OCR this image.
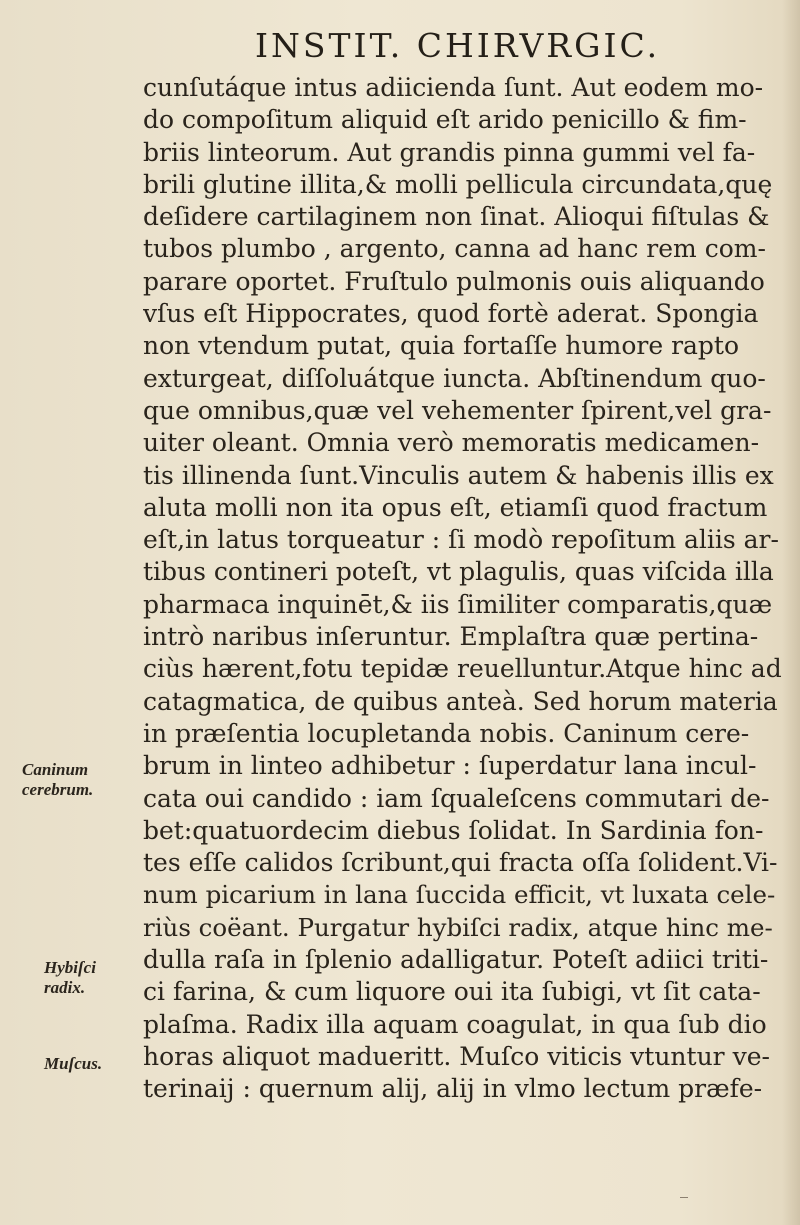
INSTIT. CHIRVRGIC.
cunſutáque intus adiicienda ſunt. Aut eodem mo-
do compoſitum aliquid eſt arido penicillo & fim-
briis linteorum. Aut grandis pinna gummi vel fa-
brili glutine illita,& molli pellicula circundata,quę
deſidere cartilaginem non ſinat. Alioqui fiſtulas &
tubos plumbo , argento, canna ad hanc rem com-
parare oportet. Fruſtulo pulmonis ouis aliquando
vſus eſt Hippocrates, quod fortè aderat. Spongia
non vtendum putat, quia fortaſſe humore rapto
exturgeat, diſſoluátque iuncta. Abſtinendum quo-
que omnibus,quæ vel vehementer ſpirent,vel gra-
uiter oleant. Omnia verò memoratis medicamen-
tis illinenda ſunt.Vinculis autem & habenis illis ex
aluta molli non ita opus eſt, etiamſi quod fractum
eſt,in latus torqueatur : ſi modò repoſitum aliis ar-
tibus contineri poteſt, vt plagulis, quas viſcida illa
pharmaca inquinēt,& iis ſimiliter comparatis,quæ
intrò naribus inſeruntur. Emplaſtra quæ pertina-
ciùs hærent,fotu tepidæ reuelluntur.Atque hinc ad
catagmatica, de quibus anteà. Sed horum materia
in præſentia locupletanda nobis. Caninum cere-
brum in linteo adhibetur : ſuperdatur lana incul-
cata oui candido : iam ſqualeſcens commutari de-
bet:quatuordecim diebus ſolidat. In Sardinia fon-
tes eſſe calidos ſcribunt,qui fracta oſſa ſolident.Vi-
num picarium in lana ſuccida efficit, vt luxata cele-
riùs coëant. Purgatur hybiſci radix, atque hinc me-
dulla raſa in ſplenio adalligatur. Poteſt adiici triti-
ci farina, & cum liquore oui ita ſubigi, vt ſit cata-
plaſma. Radix illa aquam coagulat, in qua ſub dio
horas aliquot madueritt. Muſco viticis vtuntur ve-
terinaij : quernum alij, alij in vlmo lectum præfe-
Caninum
cerebrum.
Hybiſci
radix.
Muſcus.
